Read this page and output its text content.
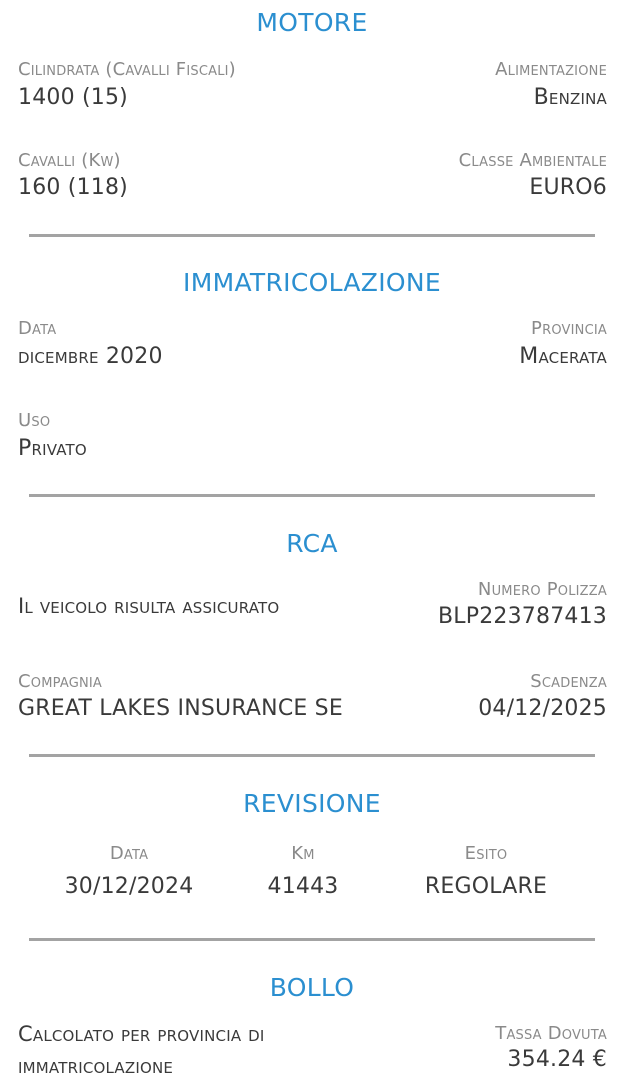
MOTORE
Cilindrata (Cavalli Fiscali)
1400 (15)
Alimentazione
Benzina
Cavalli (Kw)
160 (118)
Classe Ambientale
EURO6
IMMATRICOLAZIONE
Data
dicembre 2020
Provincia
Macerata
Uso
Privato
RCA
Il veicolo risulta assicurato
Numero Polizza
BLP223787413
Compagnia
GREAT LAKES INSURANCE SE
Scadenza
04/12/2025
REVISIONE
Data
30/12/2024
Km
41443
Esito
REGOLARE
BOLLO
Calcolato per provincia di
immatricolazione
Tassa Dovuta
354.24 €
